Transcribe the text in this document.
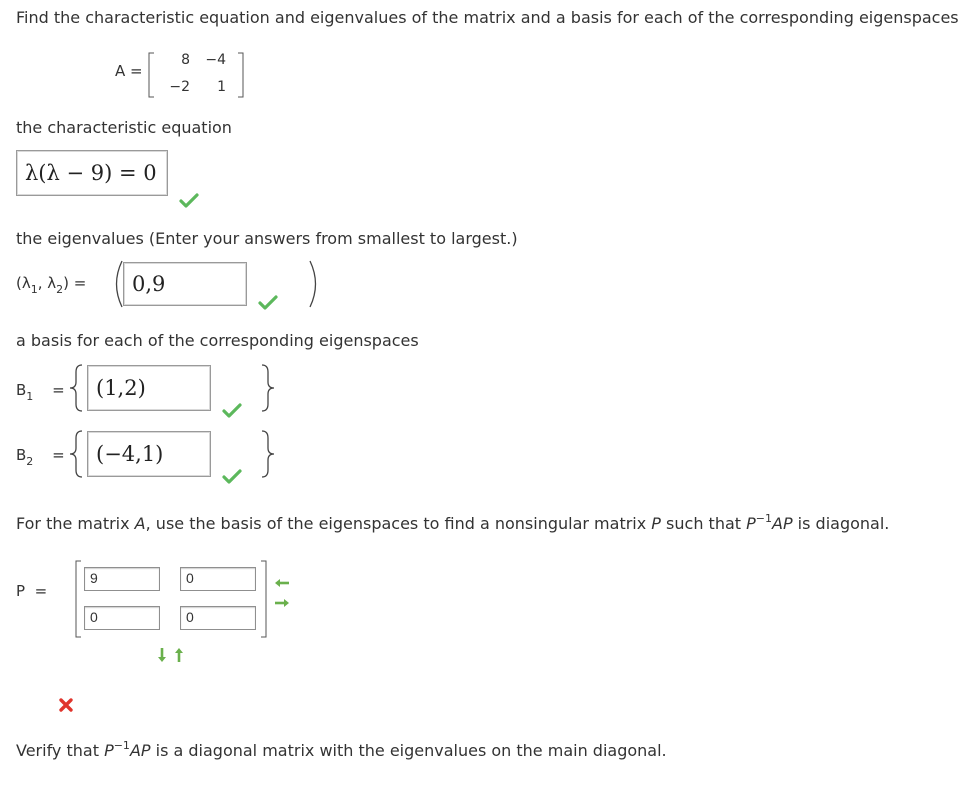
Find the characteristic equation and eigenvalues of the matrix and a basis for each of the corresponding eigenspaces
A =
8 −4
−2	1
the characteristic equation
λ(λ − 9) = 0
the eigenvalues (Enter your answers from smallest to largest.)
($\lambda_1$, $\lambda_2$) =	0,9
a basis for each of the corresponding eigenspaces
$B_1$ =	(1,2)
$B_2$ =	(−4,1)
For the matrix A, use the basis of the eigenspaces to find a nonsingular matrix P such that $P^{-1}AP$ is diagonal.
P  =
9	0
0	0
Verify that $P^{-1}AP$ is a diagonal matrix with the eigenvalues on the main diagonal.
